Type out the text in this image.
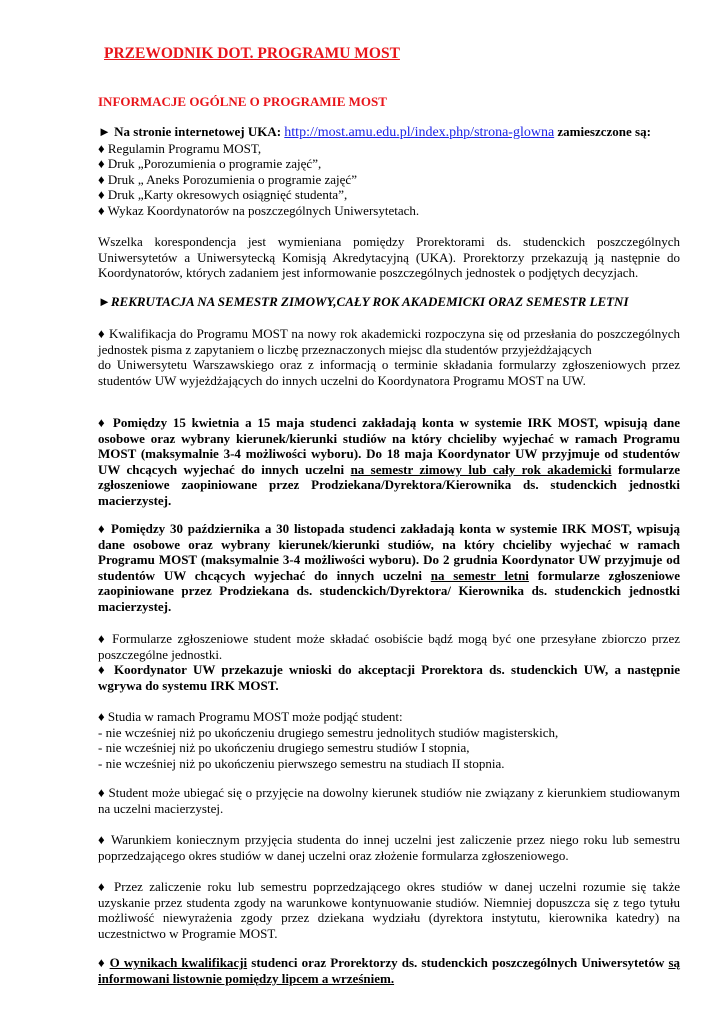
PRZEWODNIK DOT. PROGRAMU MOST
INFORMACJE OGÓLNE O PROGRAMIE MOST

► Na stronie internetowej UKA: http://most.amu.edu.pl/index.php/strona-glowna zamieszczone są:

♦ Regulamin Programu MOST,
♦ Druk „Porozumienia o programie zajęć”,
♦ Druk „ Aneks Porozumienia o programie zajęć”
♦ Druk „Karty okresowych osiągnięć studenta”,
♦ Wykaz Koordynatorów na poszczególnych Uniwersytetach.

Wszelka korespondencja jest wymieniana pomiędzy Prorektorami ds. studenckich poszczególnych Uniwersytetów a Uniwersytecką Komisją Akredytacyjną (UKA). Prorektorzy przekazują ją następnie do Koordynatorów, których zadaniem jest informowanie poszczególnych jednostek o podjętych decyzjach.

►REKRUTACJA NA SEMESTR ZIMOWY,CAŁY ROK AKADEMICKI ORAZ SEMESTR LETNI

♦ Kwalifikacja do Programu MOST na nowy rok akademicki rozpoczyna się od przesłania do poszczególnych jednostek pisma z zapytaniem o liczbę przeznaczonych miejsc dla studentów przyjeżdżających

do Uniwersytetu Warszawskiego oraz z informacją o terminie składania formularzy zgłoszeniowych przez studentów UW wyjeżdżających do innych uczelni do Koordynatora Programu MOST na UW.

♦ Pomiędzy 15 kwietnia a 15 maja studenci zakładają konta w systemie IRK MOST, wpisują dane osobowe oraz wybrany kierunek/kierunki studiów na który chcieliby wyjechać w ramach Programu MOST (maksymalnie 3-4 możliwości wyboru). Do 18 maja Koordynator UW przyjmuje od studentów UW chcących wyjechać do innych uczelni na semestr zimowy lub cały rok akademicki formularze zgłoszeniowe zaopiniowane przez Prodziekana/Dyrektora/Kierownika ds. studenckich jednostki macierzystej.

♦ Pomiędzy 30 października a 30 listopada studenci zakładają konta w systemie IRK MOST, wpisują dane osobowe oraz wybrany kierunek/kierunki studiów, na który chcieliby wyjechać w ramach Programu MOST (maksymalnie 3-4 możliwości wyboru). Do 2 grudnia Koordynator UW przyjmuje od studentów UW chcących wyjechać do innych uczelni na semestr letni formularze zgłoszeniowe zaopiniowane przez Prodziekana ds. studenckich/Dyrektora/ Kierownika ds. studenckich jednostki macierzystej.

♦ Formularze zgłoszeniowe student może składać osobiście bądź mogą być one przesyłane zbiorczo przez poszczególne jednostki.

♦ Koordynator UW przekazuje wnioski do akceptacji Prorektora ds. studenckich UW, a następnie wgrywa do systemu IRK MOST.

♦ Studia w ramach Programu MOST może podjąć student:

- nie wcześniej niż po ukończeniu drugiego semestru jednolitych studiów magisterskich,
- nie wcześniej niż po ukończeniu drugiego semestru studiów I stopnia,
- nie wcześniej niż po ukończeniu pierwszego semestru na studiach II stopnia.

♦ Student może ubiegać się o przyjęcie na dowolny kierunek studiów nie związany z kierunkiem studiowanym na uczelni macierzystej.

♦ Warunkiem koniecznym przyjęcia studenta do innej uczelni jest zaliczenie przez niego roku lub semestru poprzedzającego okres studiów w danej uczelni oraz złożenie formularza zgłoszeniowego.

♦ Przez zaliczenie roku lub semestru poprzedzającego okres studiów w danej uczelni rozumie się także uzyskanie przez studenta zgody na warunkowe kontynuowanie studiów. Niemniej dopuszcza się z tego tytułu możliwość niewyrażenia zgody przez dziekana wydziału (dyrektora instytutu, kierownika katedry) na uczestnictwo w Programie MOST.

♦ O wynikach kwalifikacji studenci oraz Prorektorzy ds. studenckich poszczególnych Uniwersytetów są informowani listownie pomiędzy lipcem a wrześniem.
